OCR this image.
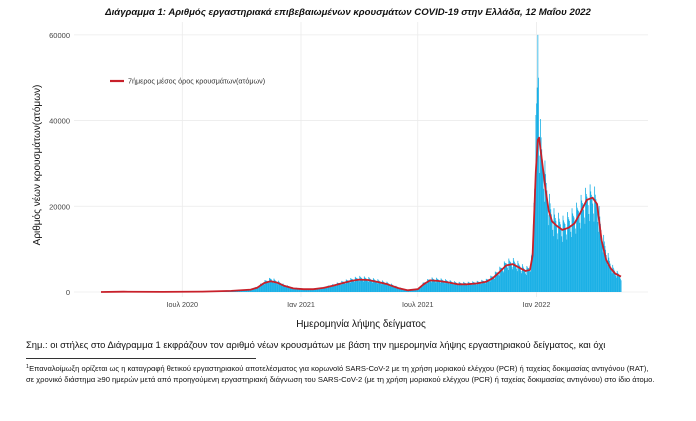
Διάγραμμα 1: Αριθμός εργαστηριακά επιβεβαιωμένων κρουσμάτων COVID-19 στην Ελλάδα, 12 Μαΐου 2022
0
20000
40000
60000
Ιουλ 2020	Ιαν 2021	Ιουλ 2021	Ιαν 2022
7ήμερος μέσος όρος κρουσμάτων(ατόμων)
Ημερομηνία λήψης δείγματος
Αριθμός νέων κρουσμάτων(ατόμων)
Σημ.: οι στήλες στο Διάγραμμα 1 εκφράζουν τον αριθμό νέων κρουσμάτων με βάση την ημερομηνία λήψης εργαστηριακού δείγματος, και όχι
$^1$Επαναλοίμωξη ορίζεται ως η καταγραφή θετικού εργαστηριακού αποτελέσματος για κορωνοϊό SARS-CoV-2 με τη χρήση μοριακού ελέγχου (PCR) ή ταχείας δοκιμασίας αντιγόνου (RAT), σε χρονικό διάστημα ≥90 ημερών μετά από προηγούμενη εργαστηριακή διάγνωση του SARS-CoV-2 (με τη χρήση μοριακού ελέγχου (PCR) ή ταχείας δοκιμασίας αντιγόνου) στο ίδιο άτομο.
